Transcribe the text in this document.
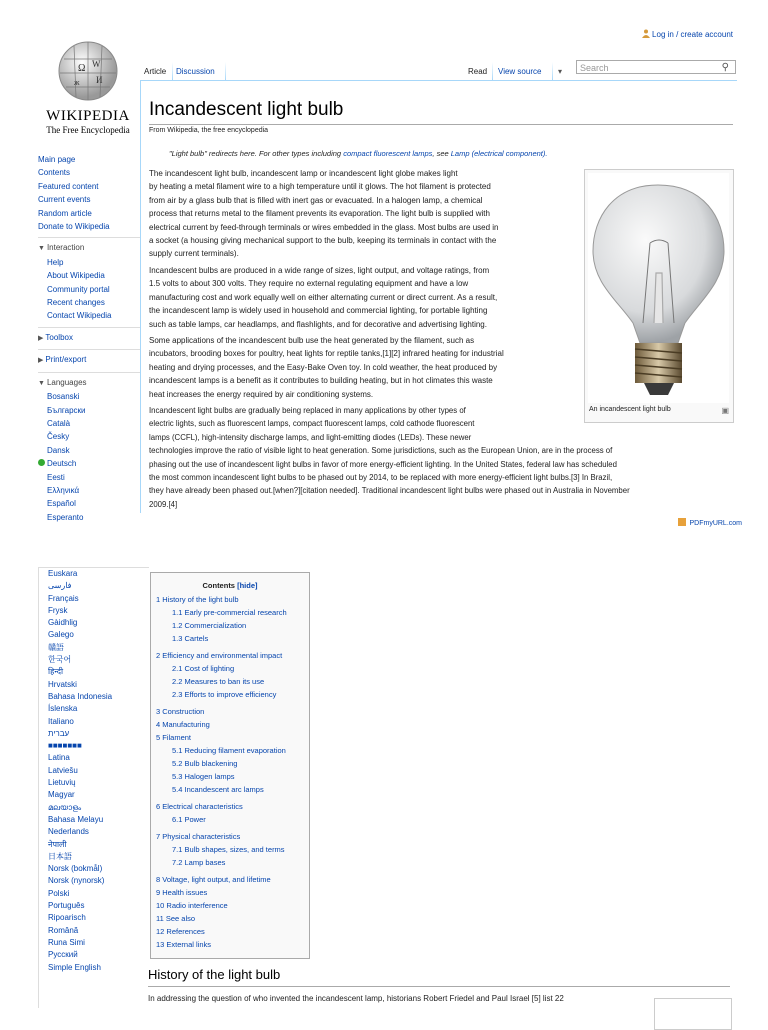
Log in / create account
Ω W
И
ж
WIKIPEDIA
The Free Encyclopedia
Main page
Contents
Featured content
Current events
Random article
Donate to Wikipedia
▼ Interaction
Help
About Wikipedia
Community portal
Recent changes
Contact Wikipedia
▶ Toolbox
▶ Print/export
▼ Languages
Bosanski
Български
Català
Česky
Dansk
Deutsch
Eesti
Ελληνικά
Español
Esperanto
Article	Discussion	Read	View source	▾	Search	⚲
Incandescent light bulb
From Wikipedia, the free encyclopedia
"Light bulb" redirects here. For other types including compact fluorescent lamps, see Lamp (electrical component).
The incandescent light bulb, incandescent lamp or incandescent light globe makes light
by heating a metal filament wire to a high temperature until it glows. The hot filament is protected
from air by a glass bulb that is filled with inert gas or evacuated. In a halogen lamp, a chemical
process that returns metal to the filament prevents its evaporation. The light bulb is supplied with
electrical current by feed-through terminals or wires embedded in the glass. Most bulbs are used in
a socket (a housing giving mechanical support to the bulb, keeping its terminals in contact with the
supply current terminals).
Incandescent bulbs are produced in a wide range of sizes, light output, and voltage ratings, from
1.5 volts to about 300 volts. They require no external regulating equipment and have a low
manufacturing cost and work equally well on either alternating current or direct current. As a result,
the incandescent lamp is widely used in household and commercial lighting, for portable lighting
such as table lamps, car headlamps, and flashlights, and for decorative and advertising lighting.
Some applications of the incandescent bulb use the heat generated by the filament, such as
incubators, brooding boxes for poultry, heat lights for reptile tanks,[1][2] infrared heating for industrial
heating and drying processes, and the Easy-Bake Oven toy. In cold weather, the heat produced by
incandescent lamps is a benefit as it contributes to building heating, but in hot climates this waste
heat increases the energy required by air conditioning systems.
Incandescent light bulbs are gradually being replaced in many applications by other types of
electric lights, such as fluorescent lamps, compact fluorescent lamps, cold cathode fluorescent
lamps (CCFL), high-intensity discharge lamps, and light-emitting diodes (LEDs). These newer
technologies improve the ratio of visible light to heat generation. Some jurisdictions, such as the European Union, are in the process of
phasing out the use of incandescent light bulbs in favor of more energy-efficient lighting. In the United States, federal law has scheduled
the most common incandescent light bulbs to be phased out by 2014, to be replaced with more energy-efficient light bulbs.[3] In Brazil,
they have already been phased out.[when?][citation needed]. Traditional incandescent light bulbs were phased out in Australia in November
2009.[4]
An incandescent light bulb	▣
PDFmyURL.com
Euskara
فارسی
Français
Frysk
Gàidhlig
Galego
贛語
한국어
हिन्दी
Hrvatski
Bahasa Indonesia
Íslenska
Italiano
עברית
■■■■■■■
Latina
Latviešu
Lietuvių
Magyar
മലയാളം
Bahasa Melayu
Nederlands
नेपाली
日本語
Norsk (bokmål)
Norsk (nynorsk)
Polski
Português
Ripoarisch
Română
Runa Simi
Русский
Simple English
Contents [hide]
1 History of the light bulb
1.1 Early pre-commercial research
1.2 Commercialization
1.3 Cartels
2 Efficiency and environmental impact
2.1 Cost of lighting
2.2 Measures to ban its use
2.3 Efforts to improve efficiency
3 Construction
4 Manufacturing
5 Filament
5.1 Reducing filament evaporation
5.2 Bulb blackening
5.3 Halogen lamps
5.4 Incandescent arc lamps
6 Electrical characteristics
6.1 Power
7 Physical characteristics
7.1 Bulb shapes, sizes, and terms
7.2 Lamp bases
8 Voltage, light output, and lifetime
9 Health issues
10 Radio interference
11 See also
12 References
13 External links
History of the light bulb
In addressing the question of who invented the incandescent lamp, historians Robert Friedel and Paul Israel [5] list 22
